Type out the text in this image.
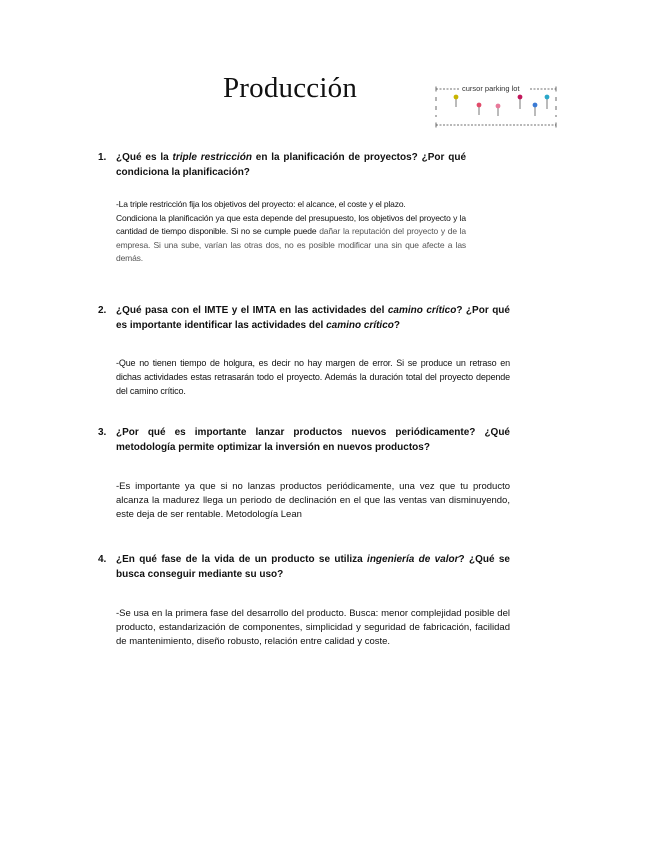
Producción	cursor parking lot
1. ¿Qué es la triple restricción en la planificación de proyectos? ¿Por qué condiciona la planificación?

-La triple restricción fija los objetivos del proyecto: el alcance, el coste y el plazo.

Condiciona la planificación ya que esta depende del presupuesto, los objetivos del proyecto y la cantidad de tiempo disponible. Si no se cumple puede dañar la reputación del proyecto y de la empresa. Si una sube, varían las otras dos, no es posible modificar una sin que afecte a las demás.

2. ¿Qué pasa con el IMTE y el IMTA en las actividades del camino crítico? ¿Por qué es importante identificar las actividades del camino crítico?
-Que no tienen tiempo de holgura, es decir no hay margen de error. Si se produce un retraso en dichas actividades estas retrasarán todo el proyecto. Además la duración total del proyecto depende del camino crítico.
3. ¿Por qué es importante lanzar productos nuevos periódicamente? ¿Qué metodología permite optimizar la inversión en nuevos productos?
-Es importante ya que si no lanzas productos periódicamente, una vez que tu producto alcanza la madurez llega un periodo de declinación en el que las ventas van disminuyendo, este deja de ser rentable. Metodología Lean
4. ¿En qué fase de la vida de un producto se utiliza ingeniería de valor? ¿Qué se busca conseguir mediante su uso?
-Se usa en la primera fase del desarrollo del producto. Busca: menor complejidad posible del producto, estandarización de componentes, simplicidad y seguridad de fabricación, facilidad de mantenimiento, diseño robusto, relación entre calidad y coste.
